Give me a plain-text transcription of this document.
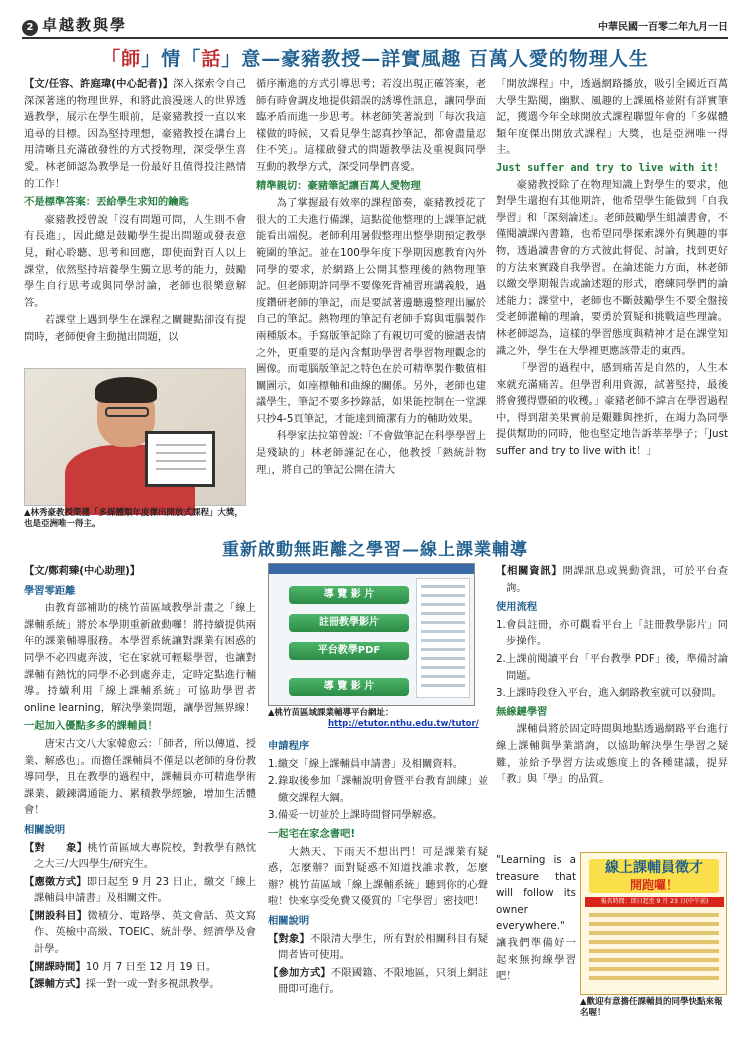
2 卓越教與學	中華民國一百零二年九月一日
「師」情「話」意—豪豬教授—詳實風趣 百萬人愛的物理人生

【文/任容、許庭瑋(中心記者)】深入探索令自己深深著迷的物理世界，和將此浪漫迷人的世界透過教學，展示在學生眼前，是豪豬教授一直以來追尋的目標。因為堅持理想，豪豬教授在講台上用清晰且充滿啟發性的方式授物理，深受學生喜愛。林老師認為教學是一份最好且值得投注熱情的工作！

不是標準答案：丟給學生求知的鑰匙

豪豬教授曾說「沒有問題可問，人生則不會有長進」，因此總是鼓勵學生提出問題或發表意見，耐心聆聽、思考和回應，即使面對百人以上課堂，依然堅持培養學生獨立思考的能力，鼓勵學生自行思考或與同學討論，老師也很樂意解答。

若課堂上遇到學生在課程之關鍵點卻沒有提問時，老師便會主動拋出問題，以

▲林秀豪教授榮獲「多媒體類年度傑出開放式課程」大獎，也是亞洲唯一得主。

循序漸進的方式引導思考；若沒出現正確答案，老師有時會調皮地提供錯誤的誘導性訊息，讓同學面臨矛盾而進一步思考。林老師笑著說到「每次我這樣做的時候，又看見學生認真抄筆記，都會盡量忍住不笑」。這樣啟發式的問題教學法及重視與同學互動的教學方式，深受同學們喜愛。

精準親切：豪豬筆記讓百萬人愛物理

為了掌握最有效率的課程節奏，豪豬教授花了很大的工夫進行備課，這點從他整理的上課筆記就能看出端倪。老師利用暑假整理出整學期預定教學範圍的筆記。並在100學年度下學期因應教育內外同學的要求，於網路上公開其整理後的熱物理筆記。但老師期許同學不要像死背補習班講義般，過度鑽研老師的筆記，而是要試著邊聽邊整理出屬於自己的筆記。熱物理的筆記有老師手寫與電腦製作兩種版本。手寫版筆記除了有親切可愛的臉譜表情之外，更重要的是內含幫助學習者學習物理觀念的圖像。而電腦版筆記之特色在於可精準製作數值相關圖示，如座標軸和曲線的關係。另外，老師也建議學生，筆記不要多抄錄話，如果能控制在一堂課只抄4-5頁筆記，才能達到簡潔有力的輔助效果。

科學家法拉第曾說:「不會做筆記在科學學習上是殘缺的」林老師謹記在心，他教授「熱統計物理」，將自己的筆記公開在清大

「開放課程」中，透過網路播放，吸引全國近百萬大學生點閱，幽默、風趣的上課風格並附有詳實筆記，獲選今年全球開放式課程聯盟年會的「多媒體類年度傑出開放式課程」大獎，也是亞洲唯一得主。

Just suffer and try to live with it!

豪豬教授除了在物理知識上對學生的要求，他對學生還抱有其他期許，他希望學生能做到「自我學習」和「深刻論述」。老師鼓勵學生組讀書會，不僅閱讀課內書籍，也希望同學探索課外有興趣的事物，透過讀書會的方式彼此督促、討論，找到更好的方法來實踐自我學習。在論述能力方面，林老師以繳交學期報告或論述題的形式，磨練同學們的論述能力；課堂中，老師也不斷鼓勵學生不要全盤接受老師灌輸的理論，要勇於質疑和挑戰這些理論。林老師認為，這樣的學習態度與精神才是在課堂知識之外，學生在大學裡更應該帶走的東西。

「學習的過程中，感到痛苦是自然的，人生本來就充滿痛苦。但學習利用資源，試著堅持，最後將會獲得豐碩的收穫。」豪豬老師不諱言在學習過程中，得到甜美果實前是艱難與挫折，在竭力為同學提供幫助的同時，他也堅定地告訴莘莘學子；「Just suffer and try to live with it！」

重新啟動無距離之學習—線上課業輔導
【文/鄭莉臻(中心助理)】
學習零距離

由教育部補助的桃竹苗區域教學計畫之「線上課輔系統」將於本學期重新啟動囉！將持續提供兩年的課業輔導服務。本學習系統讓對課業有困惑的同學不必四處奔波，宅在家就可輕鬆學習，也讓對課輔有熱忱的同學不必到處奔走，定時定點進行輔導。持續利用「線上課輔系統」可協助學習者 online learning，解決學業問題，讓學習無界線！

一起加入優點多多的課輔員！

唐宋古文八大家韓愈云：「師者，所以傳道、授業、解惑也」。而擔任課輔員不僅是以老師的身份教導同學，且在教學的過程中，課輔員亦可精進學術課業、鍛鍊溝通能力、累積教學經驗，增加生活體會！

相關說明
【對　　象】桃竹苗區域大專院校，對教學有熱忱之大三/大四學生/研究生。
【應徵方式】即日起至 9 月 23 日止，繳交「線上課輔員申請書」及相關文件。
【開設科目】微積分、電路學、英文會話、英文寫作、英檢中高級、TOEIC、統計學、經濟學及會計學。
【開課時間】10 月 7 日至 12 月 19 日。
【課輔方式】採一對一或一對多視訊教學。
導 覽 影 片
註冊教學影片
平台教學PDF
導 覽 影 片
▲桃竹苗區域課業輔導平台網址：
http://etutor.nthu.edu.tw/tutor/
申請程序
1.繳交「線上課輔員申請書」及相關資料。
2.錄取後參加「課輔說明會暨平台教育訓練」並繳交課程大綱。
3.備妥一切並於上課時間督同學解惑。
一起宅在家念書吧!

大熱天、下雨天不想出門！可是課業有疑惑，怎麼辦？面對疑惑不知道找誰求教，怎麼辦？桃竹苗區域「線上課輔系統」聽到你的心聲啦！快來享受免費又優質的「宅學習」密技吧！

相關說明
【對象】不限清大學生，所有對於相關科目有疑問者皆可使用。
【參加方式】不限國籍、不限地區，只須上網註冊即可進行。
【相關資訊】開課訊息或異動資訊，可於平台查詢。
使用流程
1.會員註冊，亦可觀看平台上「註冊教學影片」同步操作。
2.上課前閱讀平台「平台教學 PDF」後，準備討論問題。
3.上課時段登入平台，進入網路教室就可以發問。
無線鏈學習

課輔員將於固定時間與地點透過網路平台進行線上課輔與學業諮詢，以協助解決學生學習之疑難，並給予學習方法或態度上的各種建議，提昇「教」與「學」的品質。

"Learning is a treasure that will follow its owner everywhere." 讓我們準備好一起來無拘線學習吧！

線上課輔員徵才
開跑囉！
報名時間：即日起至 9 月 23 日(中午前)
▲歡迎有意擔任課輔員的同學快點來報名喔！
